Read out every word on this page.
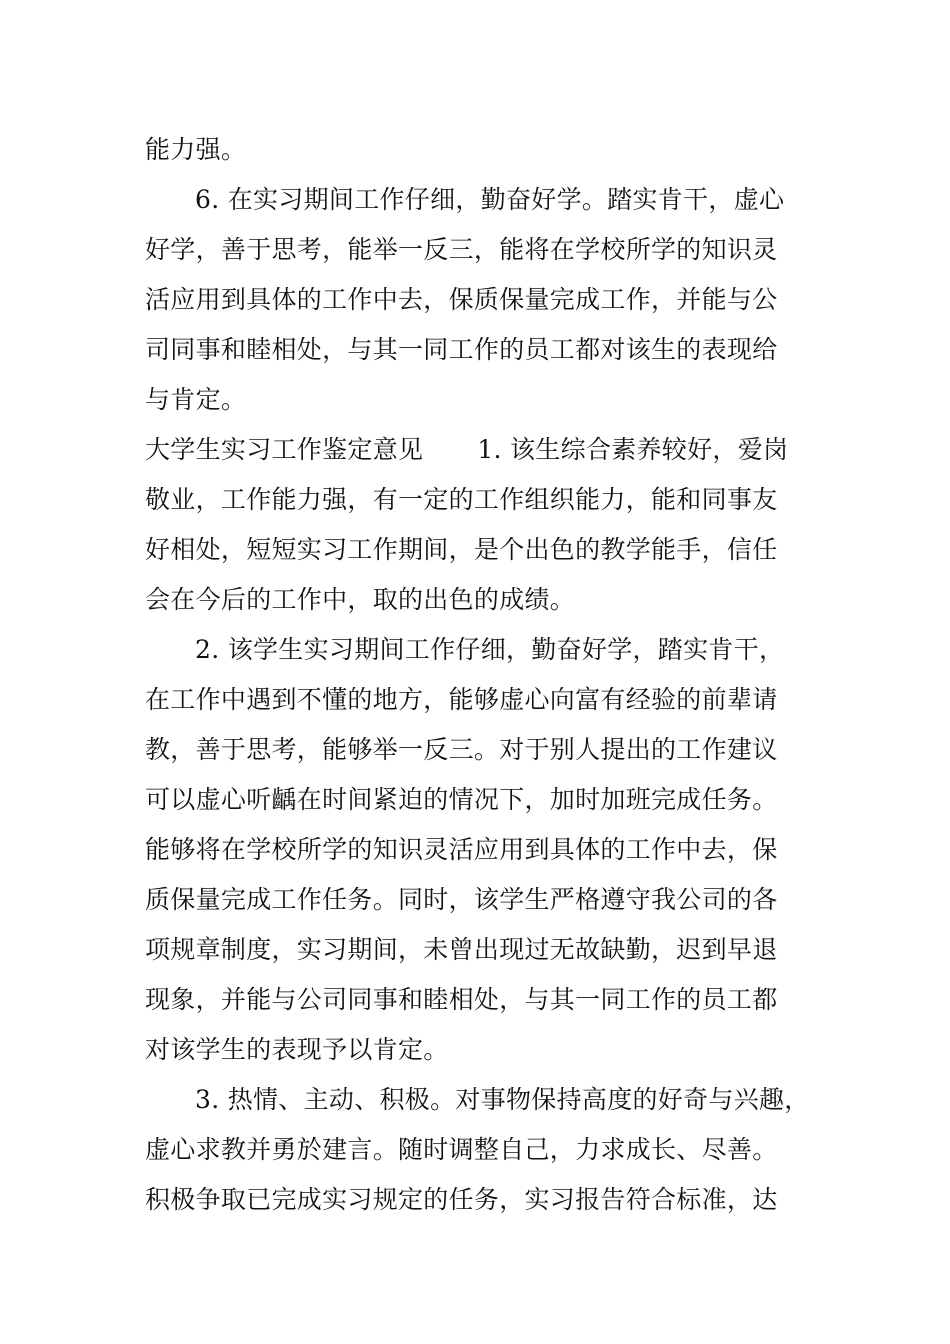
能力强。
6. 在实习期间工作仔细，勤奋好学。踏实肯干，虚心
好学，善于思考，能举一反三，能将在学校所学的知识灵
活应用到具体的工作中去，保质保量完成工作，并能与公
司同事和睦相处，与其一同工作的员工都对该生的表现给
与肯定。
大学生实习工作鉴定意见 1. 该生综合素养较好，爱岗
敬业，工作能力强，有一定的工作组织能力，能和同事友
好相处，短短实习工作期间，是个出色的教学能手，信任
会在今后的工作中，取的出色的成绩。
2. 该学生实习期间工作仔细，勤奋好学，踏实肯干，
在工作中遇到不懂的地方，能够虚心向富有经验的前辈请
教，善于思考，能够举一反三。对于别人提出的工作建议
可以虚心听齲在时间紧迫的情况下，加时加班完成任务。
能够将在学校所学的知识灵活应用到具体的工作中去，保
质保量完成工作任务。同时，该学生严格遵守我公司的各
项规章制度，实习期间，未曾出现过无故缺勤，迟到早退
现象，并能与公司同事和睦相处，与其一同工作的员工都
对该学生的表现予以肯定。
3. 热情、主动、积极。对事物保持高度的好奇与兴趣，
虚心求教并勇於建言。随时调整自己，力求成长、尽善。
积极争取已完成实习规定的任务，实习报告符合标准，达
